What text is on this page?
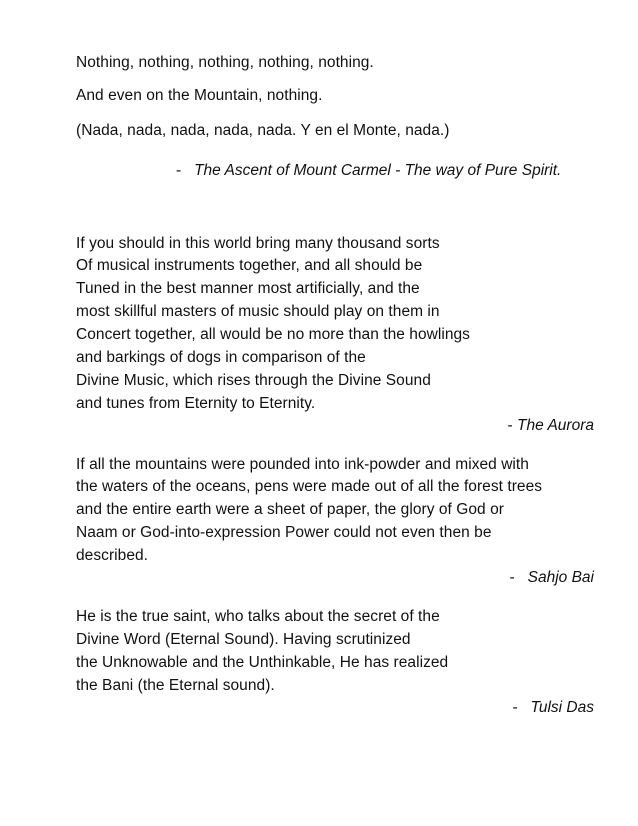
Nothing, nothing, nothing, nothing, nothing.
And even on the Mountain, nothing.
(Nada, nada, nada, nada, nada. Y en el Monte, nada.)
- The Ascent of Mount Carmel - The way of Pure Spirit.
If you should in this world bring many thousand sorts
Of musical instruments together, and all should be
Tuned in the best manner most artificially, and the
most skillful masters of music should play on them in
Concert together, all would be no more than the howlings
and barkings of dogs in comparison of the
Divine Music, which rises through the Divine Sound
and tunes from Eternity to Eternity.
- The Aurora
If all the mountains were pounded into ink-powder and mixed with
the waters of the oceans, pens were made out of all the forest trees
and the entire earth were a sheet of paper, the glory of God or
Naam or God-into-expression Power could not even then be
described.
- Sahjo Bai
He is the true saint, who talks about the secret of the
Divine Word (Eternal Sound). Having scrutinized
the Unknowable and the Unthinkable, He has realized
the Bani (the Eternal sound).
- Tulsi Das
